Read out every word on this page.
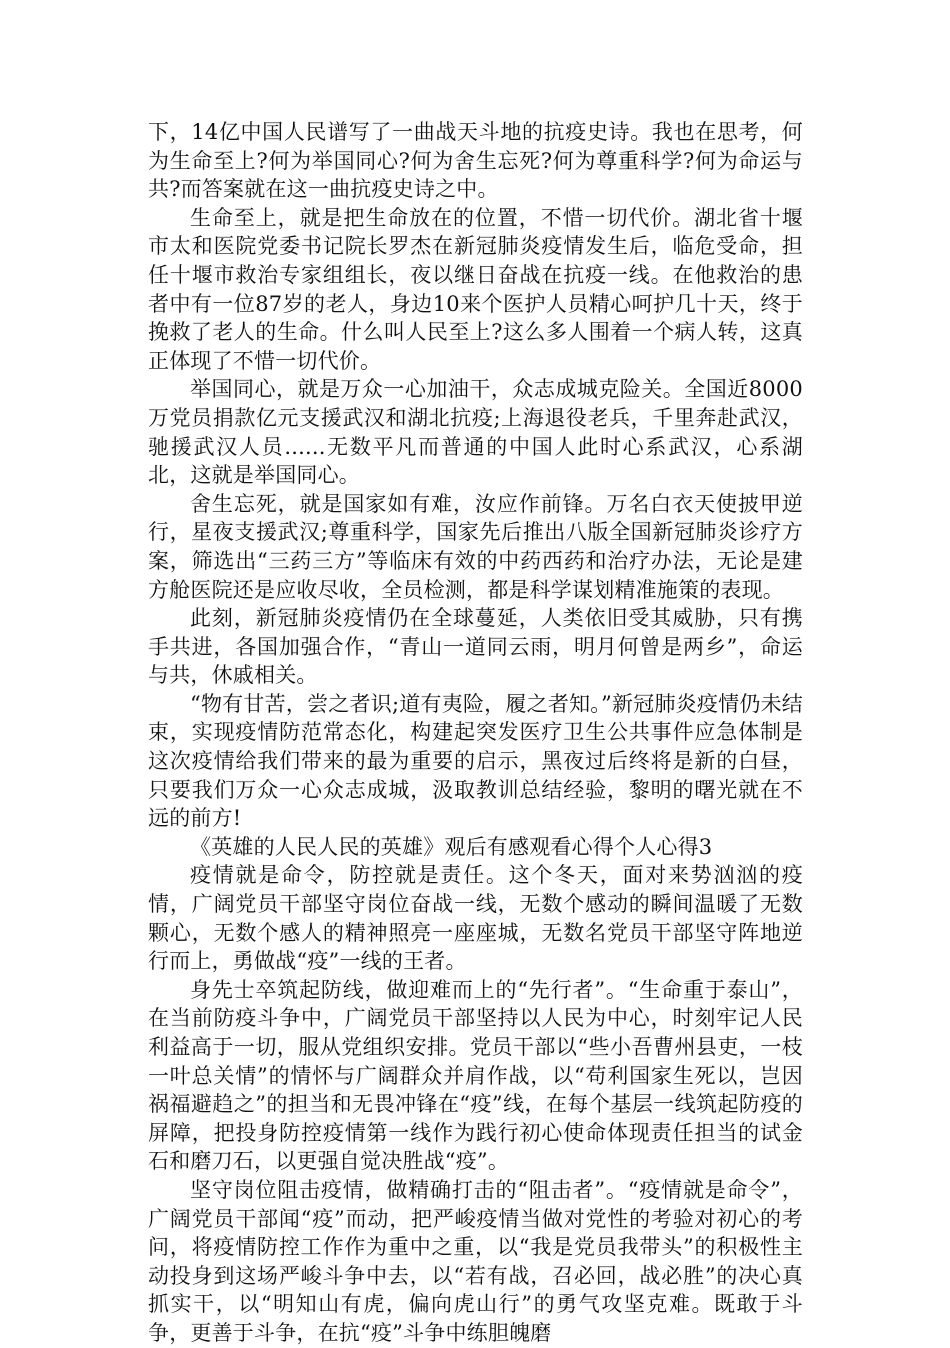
下，14亿中国人民谱写了一曲战天斗地的抗疫史诗。我也在思考，何为生命至上?何为举国同心?何为舍生忘死?何为尊重科学?何为命运与共?而答案就在这一曲抗疫史诗之中。

生命至上，就是把生命放在的位置，不惜一切代价。湖北省十堰市太和医院党委书记院长罗杰在新冠肺炎疫情发生后，临危受命，担任十堰市救治专家组组长，夜以继日奋战在抗疫一线。在他救治的患者中有一位87岁的老人，身边10来个医护人员精心呵护几十天，终于挽救了老人的生命。什么叫人民至上?这么多人围着一个病人转，这真正体现了不惜一切代价。

举国同心，就是万众一心加油干，众志成城克险关。全国近8000万党员捐款亿元支援武汉和湖北抗疫;上海退役老兵，千里奔赴武汉，驰援武汉人员......无数平凡而普通的中国人此时心系武汉，心系湖北，这就是举国同心。

舍生忘死，就是国家如有难，汝应作前锋。万名白衣天使披甲逆行，星夜支援武汉;尊重科学，国家先后推出八版全国新冠肺炎诊疗方案，筛选出“三药三方”等临床有效的中药西药和治疗办法，无论是建方舱医院还是应收尽收，全员检测，都是科学谋划精准施策的表现。

此刻，新冠肺炎疫情仍在全球蔓延，人类依旧受其威胁，只有携手共进，各国加强合作，“青山一道同云雨，明月何曾是两乡”，命运与共，休戚相关。

“物有甘苦，尝之者识;道有夷险，履之者知。”新冠肺炎疫情仍未结束，实现疫情防范常态化，构建起突发医疗卫生公共事件应急体制是这次疫情给我们带来的最为重要的启示，黑夜过后终将是新的白昼，只要我们万众一心众志成城，汲取教训总结经验，黎明的曙光就在不远的前方!

《英雄的人民人民的英雄》观后有感观看心得个人心得3

疫情就是命令，防控就是责任。这个冬天，面对来势汹汹的疫情，广阔党员干部坚守岗位奋战一线，无数个感动的瞬间温暖了无数颗心，无数个感人的精神照亮一座座城，无数名党员干部坚守阵地逆行而上，勇做战“疫”一线的王者。

身先士卒筑起防线，做迎难而上的“先行者”。“生命重于泰山”，在当前防疫斗争中，广阔党员干部坚持以人民为中心，时刻牢记人民利益高于一切，服从党组织安排。党员干部以“些小吾曹州县吏，一枝一叶总关情”的情怀与广阔群众并肩作战，以“苟利国家生死以，岂因祸福避趋之”的担当和无畏冲锋在“疫”线，在每个基层一线筑起防疫的屏障，把投身防控疫情第一线作为践行初心使命体现责任担当的试金石和磨刀石，以更强自觉决胜战“疫”。

坚守岗位阻击疫情，做精确打击的“阻击者”。“疫情就是命令”，广阔党员干部闻“疫”而动，把严峻疫情当做对党性的考验对初心的考问，将疫情防控工作作为重中之重，以“我是党员我带头”的积极性主动投身到这场严峻斗争中去，以“若有战，召必回，战必胜”的决心真抓实干，以“明知山有虎，偏向虎山行”的勇气攻坚克难。既敢于斗争，更善于斗争，在抗“疫”斗争中练胆魄磨
